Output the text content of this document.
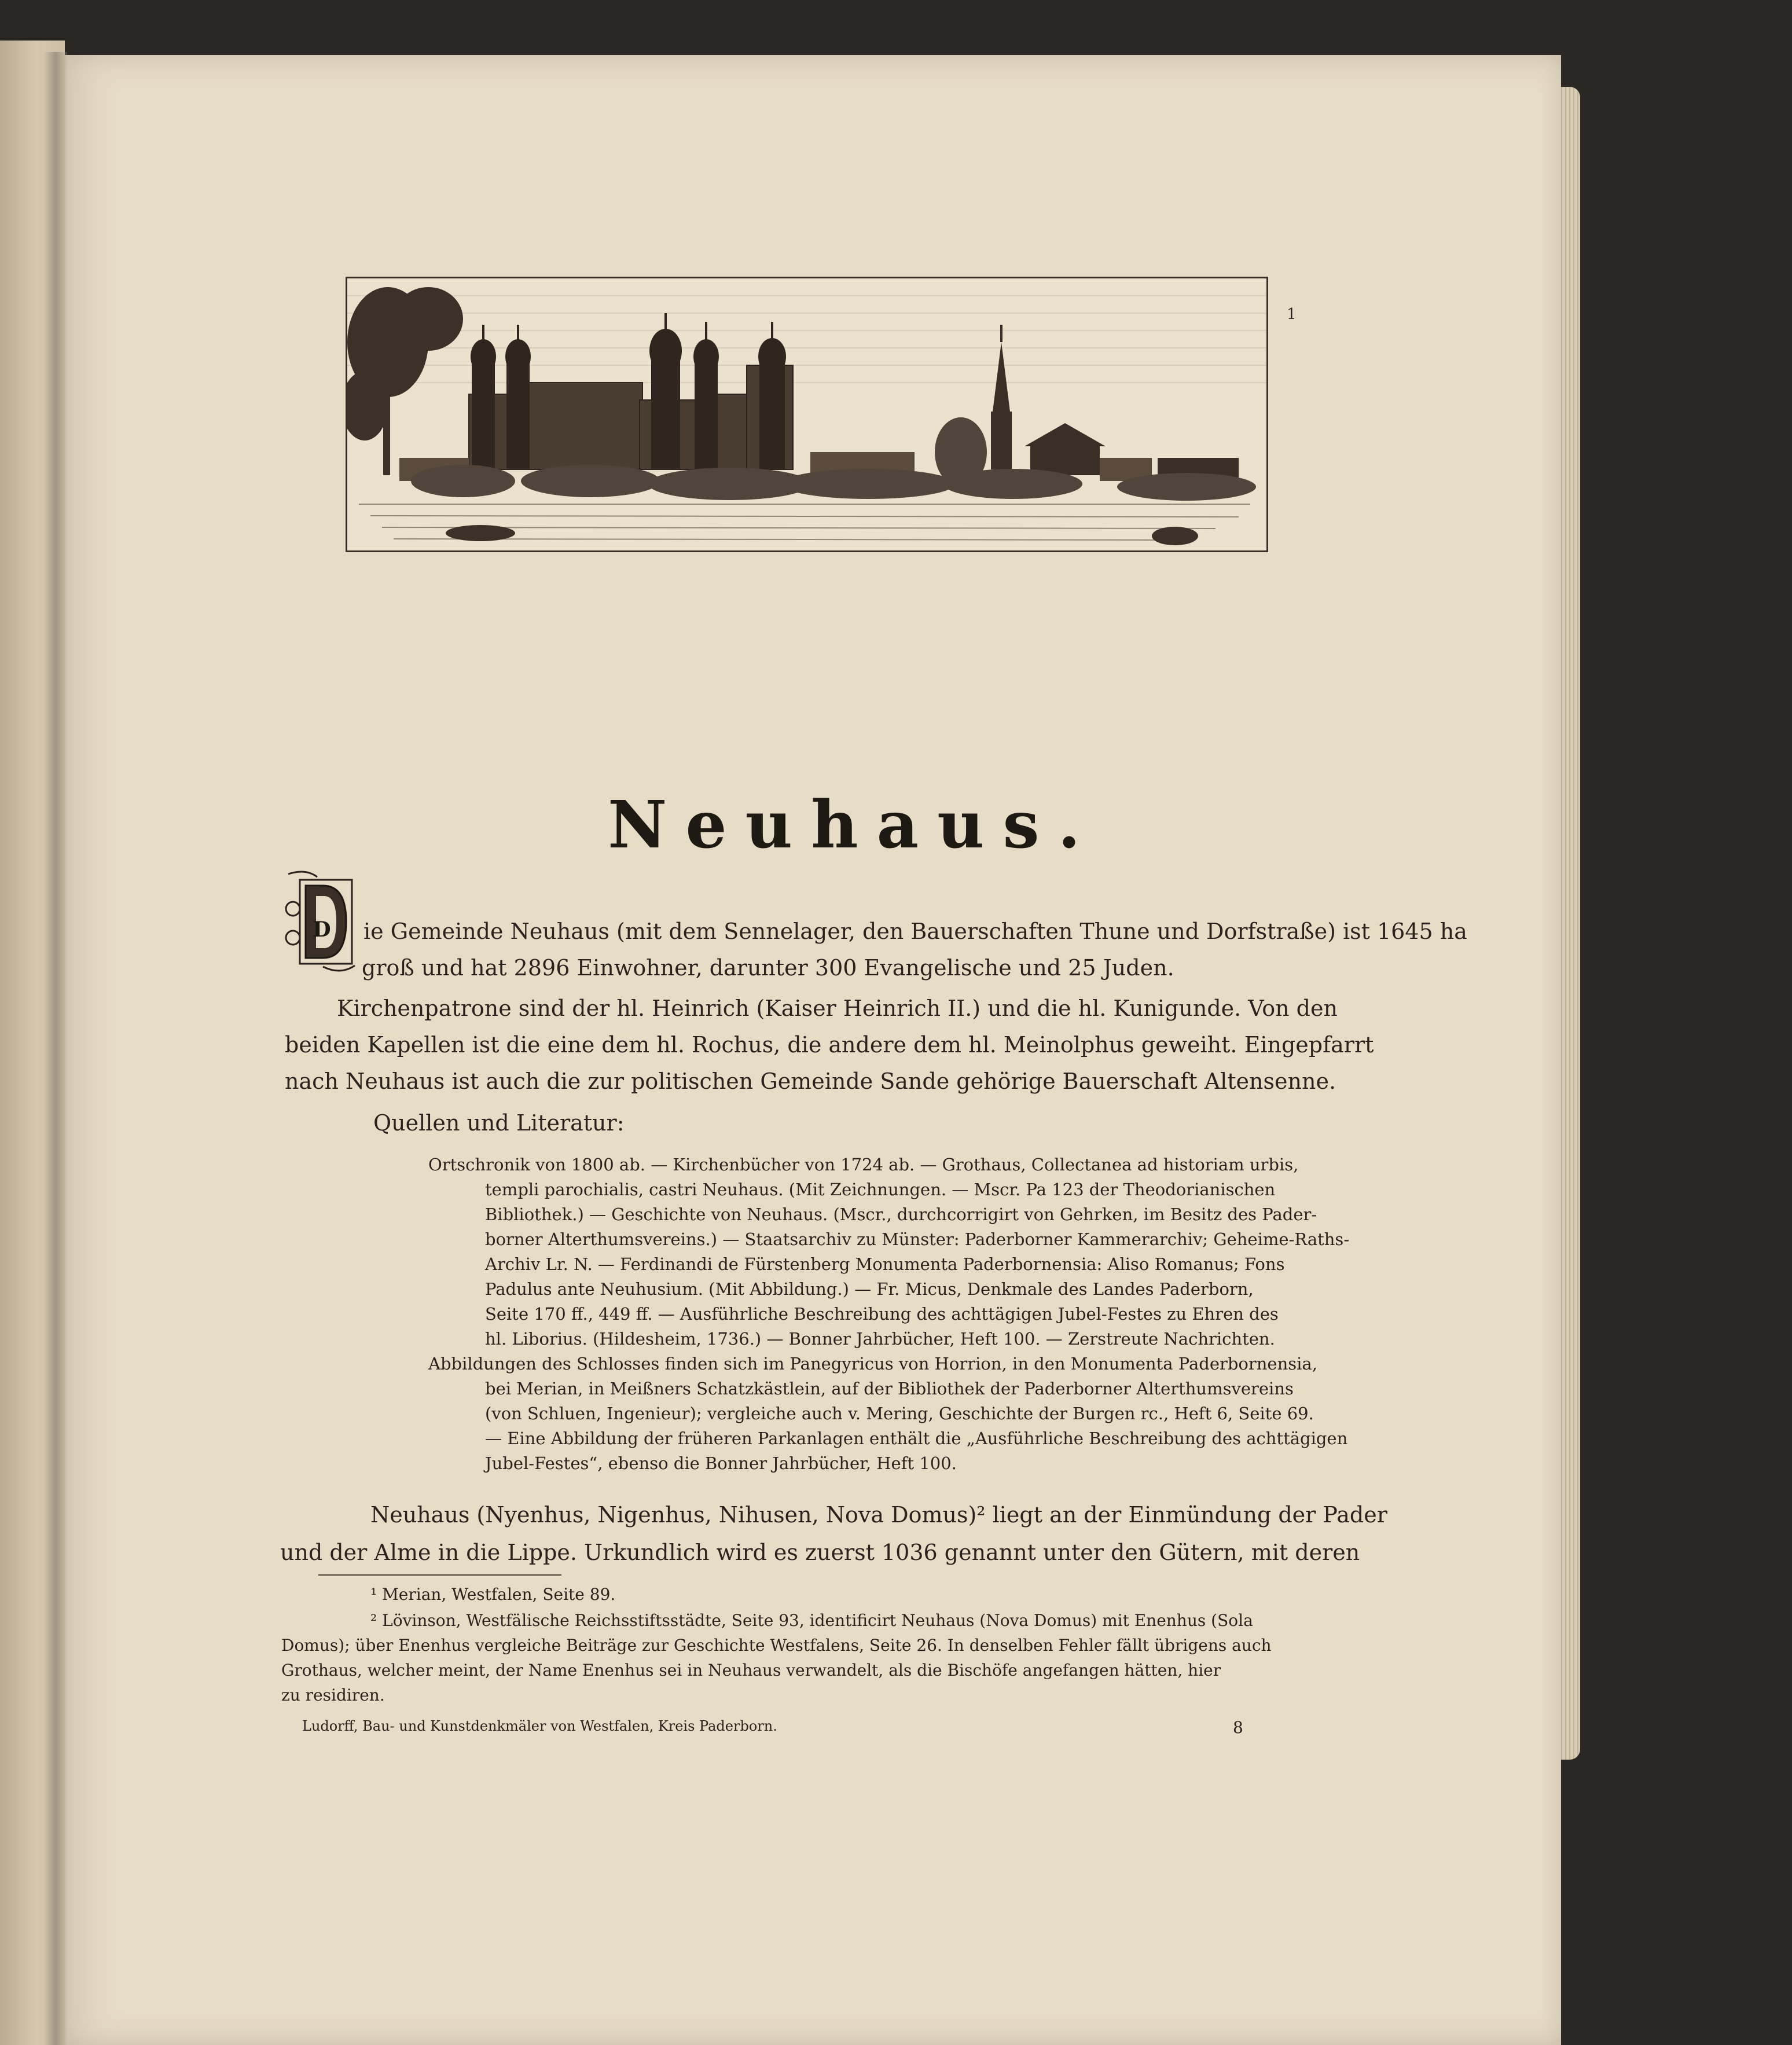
1
Neuhaus.
D ie Gemeinde Neuhaus (mit dem Sennelager, den Bauerschaften Thune und Dorfstraße) ist 1645 ha
groß und hat 2896 Einwohner, darunter 300 Evangelische und 25 Juden.
Kirchenpatrone sind der hl. Heinrich (Kaiser Heinrich II.) und die hl. Kunigunde. Von den
beiden Kapellen ist die eine dem hl. Rochus, die andere dem hl. Meinolphus geweiht. Eingepfarrt
nach Neuhaus ist auch die zur politischen Gemeinde Sande gehörige Bauerschaft Altensenne.
Quellen und Literatur:
Ortschronik von 1800 ab. — Kirchenbücher von 1724 ab. — Grothaus, Collectanea ad historiam urbis,
templi parochialis, castri Neuhaus. (Mit Zeichnungen. — Mscr. Pa 123 der Theodorianischen
Bibliothek.) — Geschichte von Neuhaus. (Mscr., durchcorrigirt von Gehrken, im Besitz des Pader-
borner Alterthumsvereins.) — Staatsarchiv zu Münster: Paderborner Kammerarchiv; Geheime-Raths-
Archiv Lr. N. — Ferdinandi de Fürstenberg Monumenta Paderbornensia: Aliso Romanus; Fons
Padulus ante Neuhusium. (Mit Abbildung.) — Fr. Micus, Denkmale des Landes Paderborn,
Seite 170 ff., 449 ff. — Ausführliche Beschreibung des achttägigen Jubel-Festes zu Ehren des
hl. Liborius. (Hildesheim, 1736.) — Bonner Jahrbücher, Heft 100. — Zerstreute Nachrichten.
Abbildungen des Schlosses finden sich im Panegyricus von Horrion, in den Monumenta Paderbornensia,
bei Merian, in Meißners Schatzkästlein, auf der Bibliothek der Paderborner Alterthumsvereins
(von Schluen, Ingenieur); vergleiche auch v. Mering, Geschichte der Burgen rc., Heft 6, Seite 69.
— Eine Abbildung der früheren Parkanlagen enthält die „Ausführliche Beschreibung des achttägigen
Jubel-Festes“, ebenso die Bonner Jahrbücher, Heft 100.
Neuhaus (Nyenhus, Nigenhus, Nihusen, Nova Domus)² liegt an der Einmündung der Pader
und der Alme in die Lippe. Urkundlich wird es zuerst 1036 genannt unter den Gütern, mit deren
¹ Merian, Westfalen, Seite 89.
² Lövinson, Westfälische Reichsstiftsstädte, Seite 93, identificirt Neuhaus (Nova Domus) mit Enenhus (Sola
Domus); über Enenhus vergleiche Beiträge zur Geschichte Westfalens, Seite 26. In denselben Fehler fällt übrigens auch
Grothaus, welcher meint, der Name Enenhus sei in Neuhaus verwandelt, als die Bischöfe angefangen hätten, hier
zu residiren.
Ludorff, Bau- und Kunstdenkmäler von Westfalen, Kreis Paderborn.	8
